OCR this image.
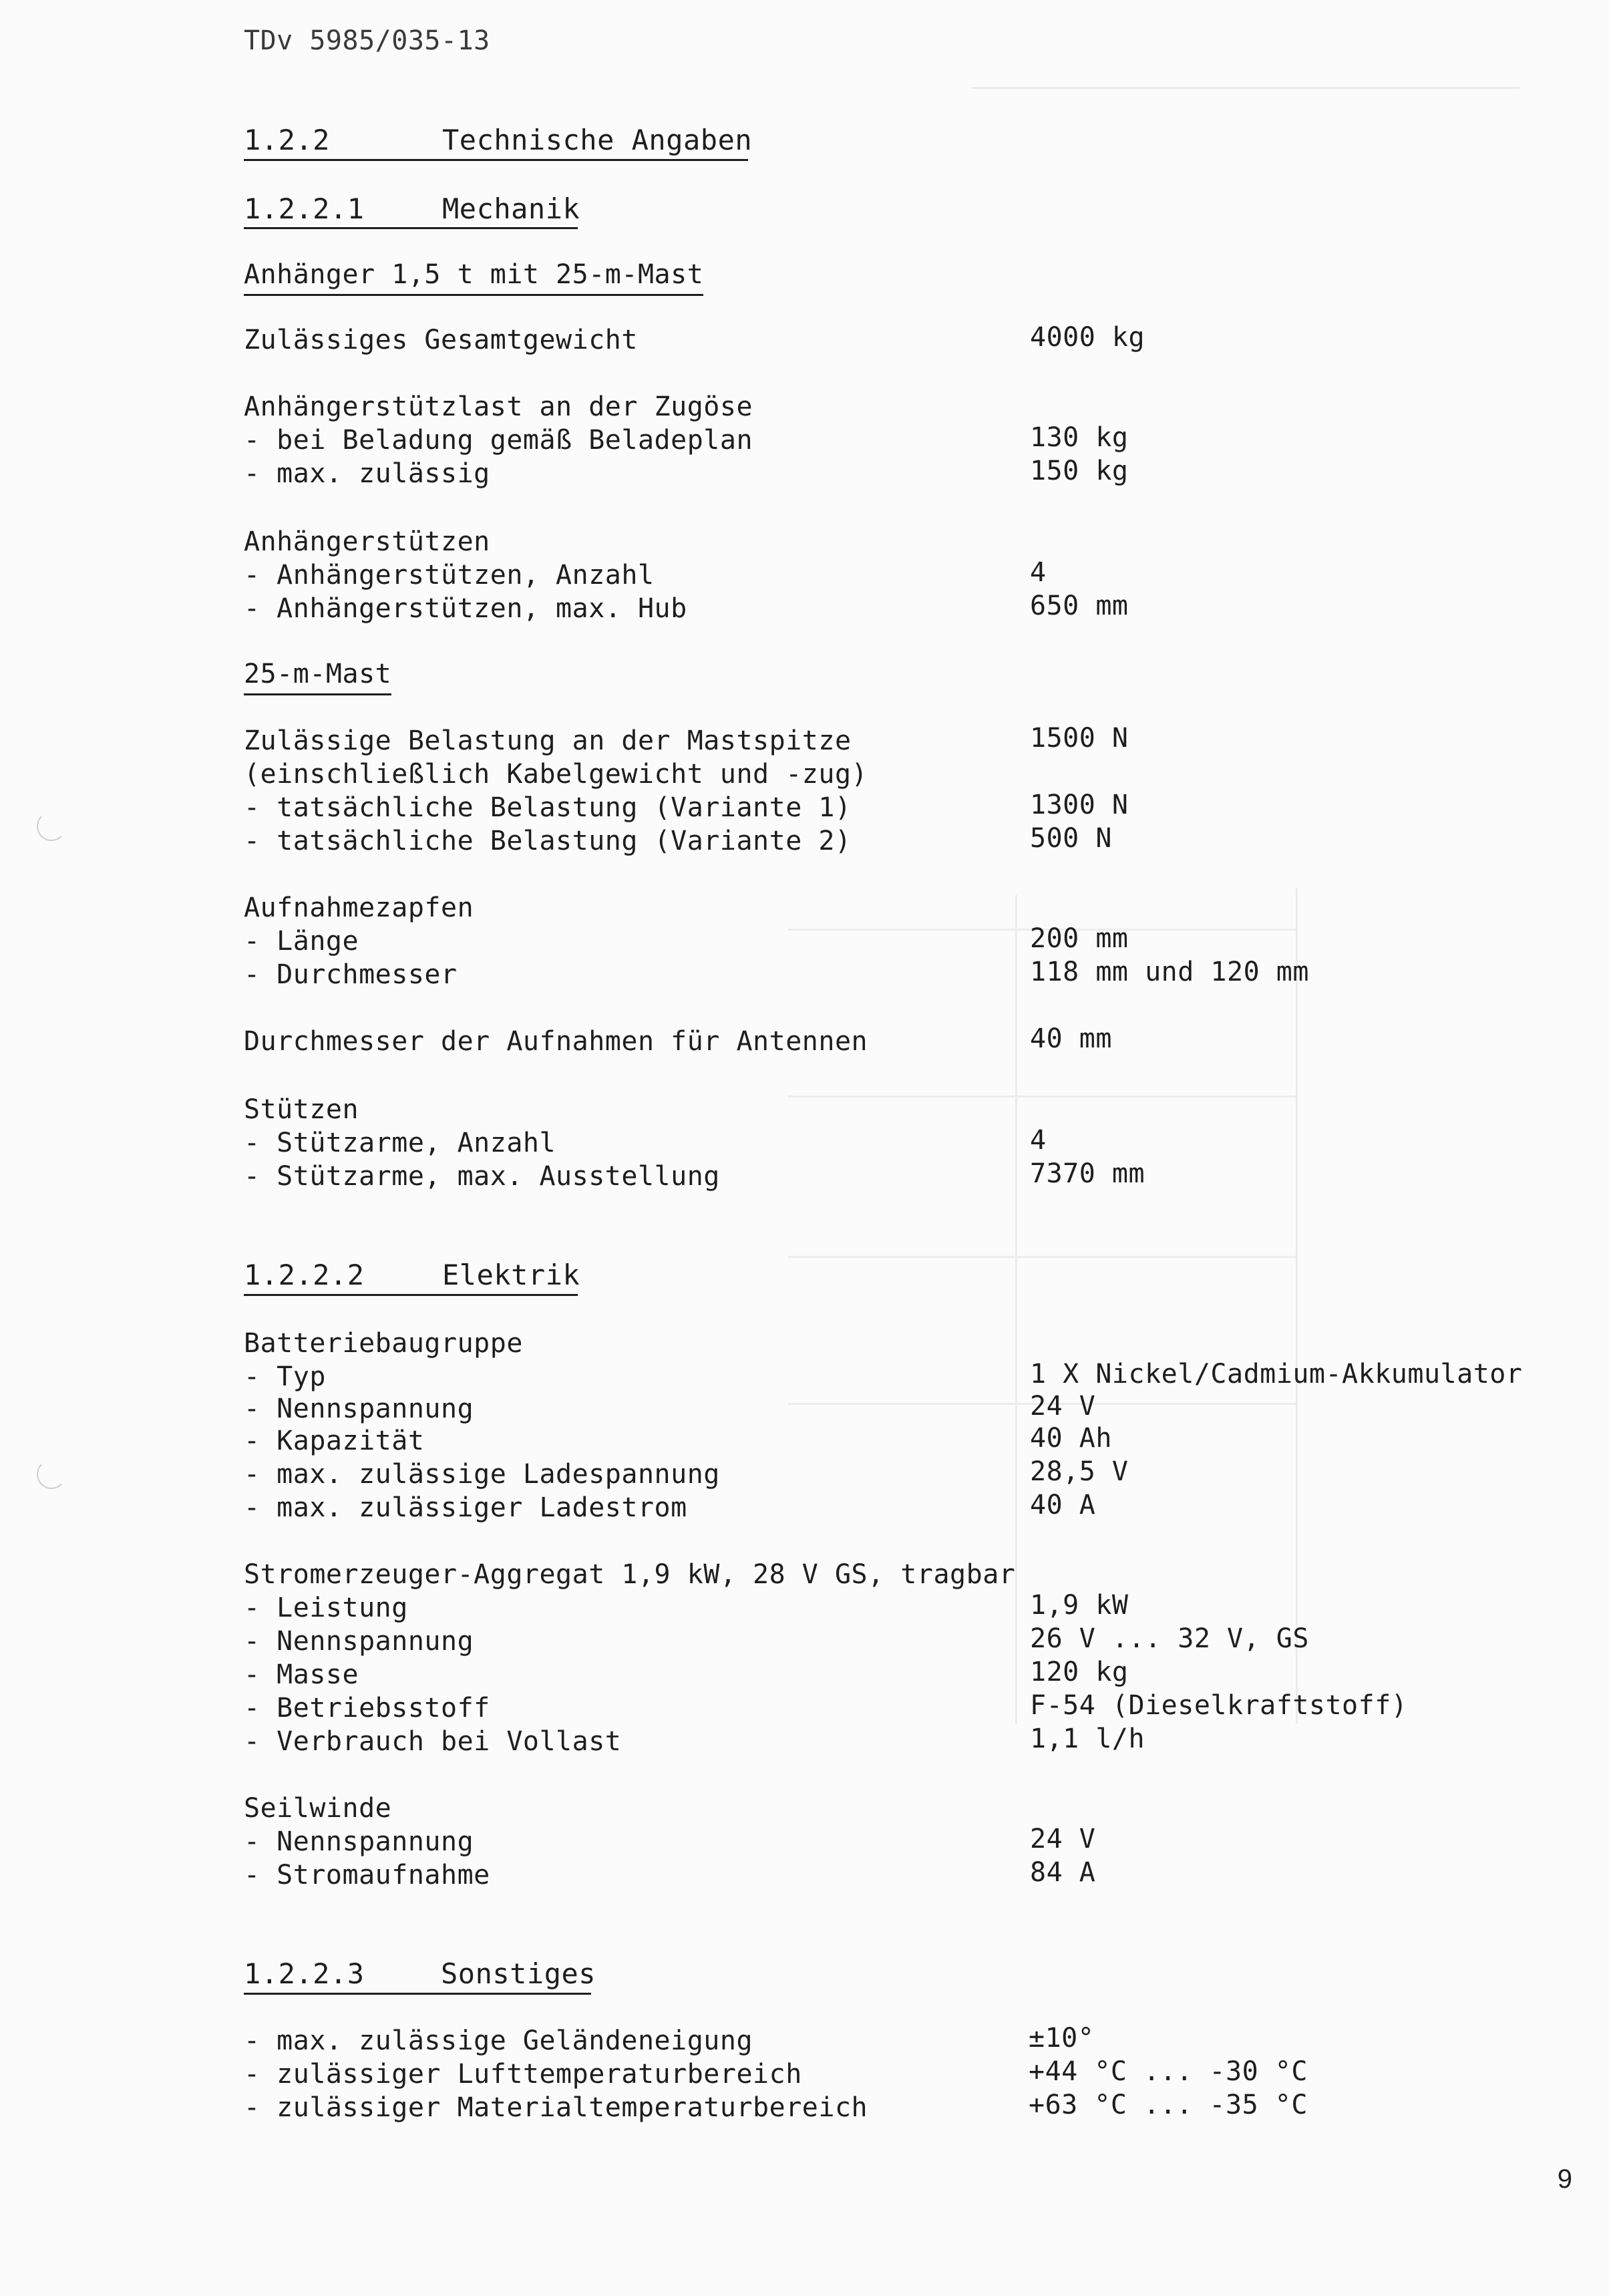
TDv 5985/035-13
1.2.2	Technische Angaben
1.2.2.1	Mechanik
Anhänger 1,5 t mit 25-m-Mast
Zulässiges Gesamtgewicht	4000 kg
Anhängerstützlast an der Zugöse
- bei Beladung gemäß Beladeplan	130 kg
- max. zulässig	150 kg
Anhängerstützen
- Anhängerstützen, Anzahl	4
- Anhängerstützen, max. Hub	650 mm
25-m-Mast
Zulässige Belastung an der Mastspitze	1500 N
(einschließlich Kabelgewicht und -zug)
- tatsächliche Belastung (Variante 1)	1300 N
- tatsächliche Belastung (Variante 2)	500 N
Aufnahmezapfen
- Länge	200 mm
- Durchmesser	118 mm und 120 mm
Durchmesser der Aufnahmen für Antennen	40 mm
Stützen
- Stützarme, Anzahl	4
- Stützarme, max. Ausstellung	7370 mm
1.2.2.2	Elektrik
Batteriebaugruppe
- Typ	1 X Nickel/Cadmium-Akkumulator
- Nennspannung	24 V
- Kapazität	40 Ah
- max. zulässige Ladespannung	28,5 V
- max. zulässiger Ladestrom	40 A
Stromerzeuger-Aggregat 1,9 kW, 28 V GS, tragbar
- Leistung	1,9 kW
- Nennspannung	26 V ... 32 V, GS
- Masse	120 kg
- Betriebsstoff	F-54 (Dieselkraftstoff)
- Verbrauch bei Vollast	1,1 l/h
Seilwinde
- Nennspannung	24 V
- Stromaufnahme	84 A
1.2.2.3	Sonstiges
- max. zulässige Geländeneigung	±10°
- zulässiger Lufttemperaturbereich	+44 °C ... -30 °C
- zulässiger Materialtemperaturbereich	+63 °C ... -35 °C
9
